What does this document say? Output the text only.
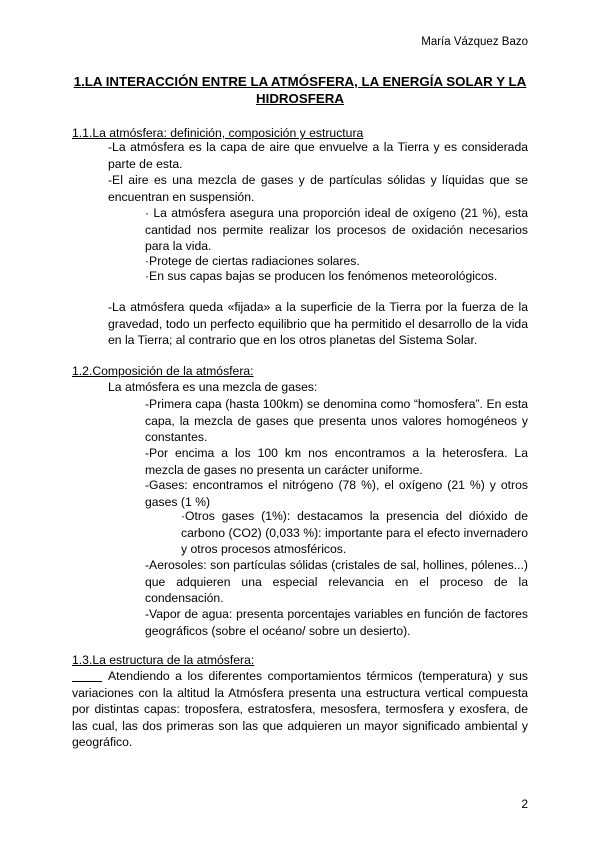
María Vázquez Bazo
1.LA INTERACCIÓN ENTRE LA ATMÓSFERA, LA ENERGÍA SOLAR Y LA HIDROSFERA
1.1.La atmósfera: definición, composición y estructura
-La atmósfera es la capa de aire que envuelve a la Tierra y es considerada parte de esta.
-El aire es una mezcla de gases y de partículas sólidas y líquidas que se encuentran en suspensión.
· La atmósfera asegura una proporción ideal de oxígeno (21 %), esta cantidad nos permite realizar los procesos de oxidación necesarios para la vida.
·Protege de ciertas radiaciones solares.
·En sus capas bajas se producen los fenómenos meteorológicos.
-La atmósfera queda «fijada» a la superficie de la Tierra por la fuerza de la gravedad, todo un perfecto equilibrio que ha permitido el desarrollo de la vida en la Tierra; al contrario que en los otros planetas del Sistema Solar.
1.2.Composición de la atmósfera:
La atmósfera es una mezcla de gases:
-Primera capa (hasta 100km) se denomina como “homosfera”. En esta capa, la mezcla de gases que presenta unos valores homogéneos y constantes.
-Por encima a los 100 km nos encontramos a la heterosfera. La mezcla de gases no presenta un carácter uniforme.
-Gases: encontramos el nitrógeno (78 %), el oxígeno (21 %) y otros gases (1 %)
·Otros gases (1%): destacamos la presencia del dióxido de carbono (CO2) (0,033 %): importante para el efecto invernadero y otros procesos atmosféricos.
-Aerosoles: son partículas sólidas (cristales de sal, hollines, pólenes...) que adquieren una especial relevancia en el proceso de la condensación.
-Vapor de agua: presenta porcentajes variables en función de factores geográficos (sobre el océano/ sobre un desierto).
1.3.La estructura de la atmósfera:
Atendiendo a los diferentes comportamientos térmicos (temperatura) y sus variaciones con la altitud la Atmósfera presenta una estructura vertical compuesta por distintas capas: troposfera, estratosfera, mesosfera, termosfera y exosfera, de las cual, las dos primeras son las que adquieren un mayor significado ambiental y geográfico.
2
